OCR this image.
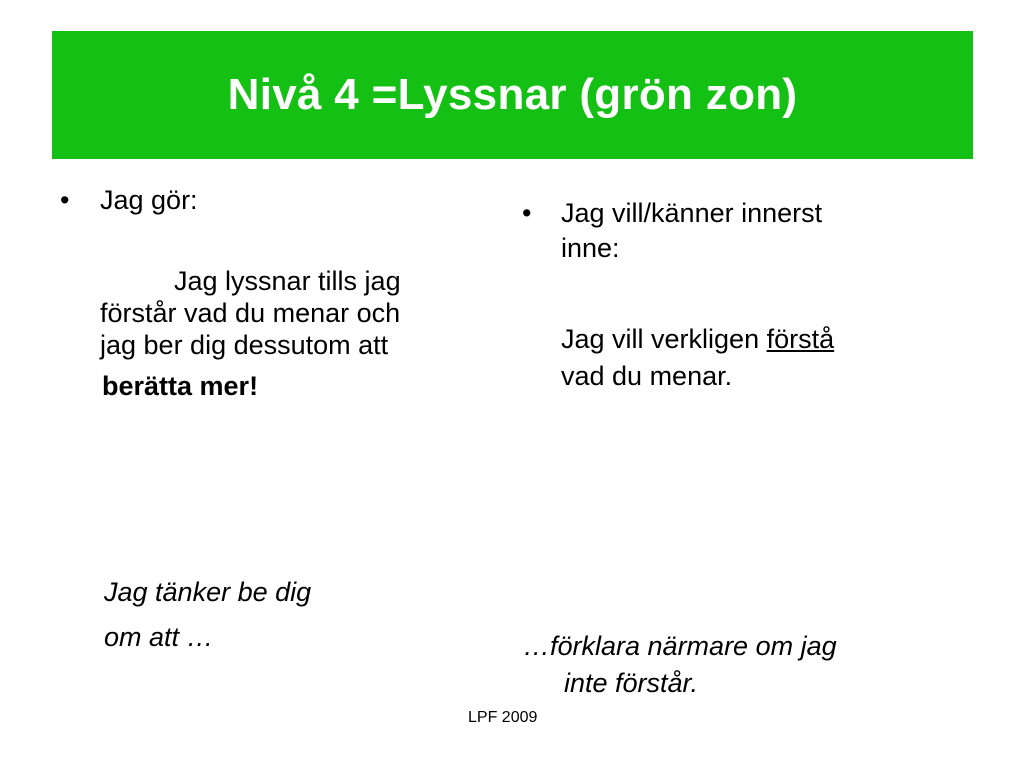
Nivå 4 =Lyssnar (grön zon)
• Jag gör:
Jag lyssnar tills jag
förstår vad du menar och
jag ber dig dessutom att
berätta mer!
Jag tänker be dig
om att …
• Jag vill/känner innerst
inne:
Jag vill verkligen förstå
vad du menar.
…förklara närmare om jag
inte förstår.
LPF 2009
